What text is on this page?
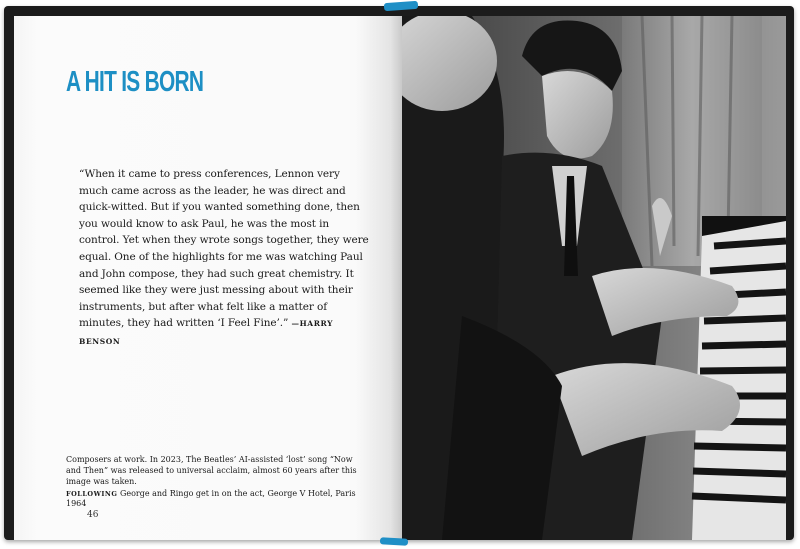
A HIT IS BORN

“When it came to press conferences, Lennon very much came across as the leader, he was direct and quick-witted. But if you wanted something done, then you would know to ask Paul, he was the most in control. Yet when they wrote songs together, they were equal. One of the highlights for me was watching Paul and John compose, they had such great chemistry. It seemed like they were just messing about with their instruments, but after what felt like a matter of minutes, they had written ‘I Feel Fine’.” —HARRY BENSON

Composers at work. In 2023, The Beatles’ AI-assisted ‘lost’ song “Now and Then” was released to universal acclaim, almost 60 years after this image was taken.

FOLLOWING George and Ringo get in on the act, George V Hotel, Paris 1964

46
